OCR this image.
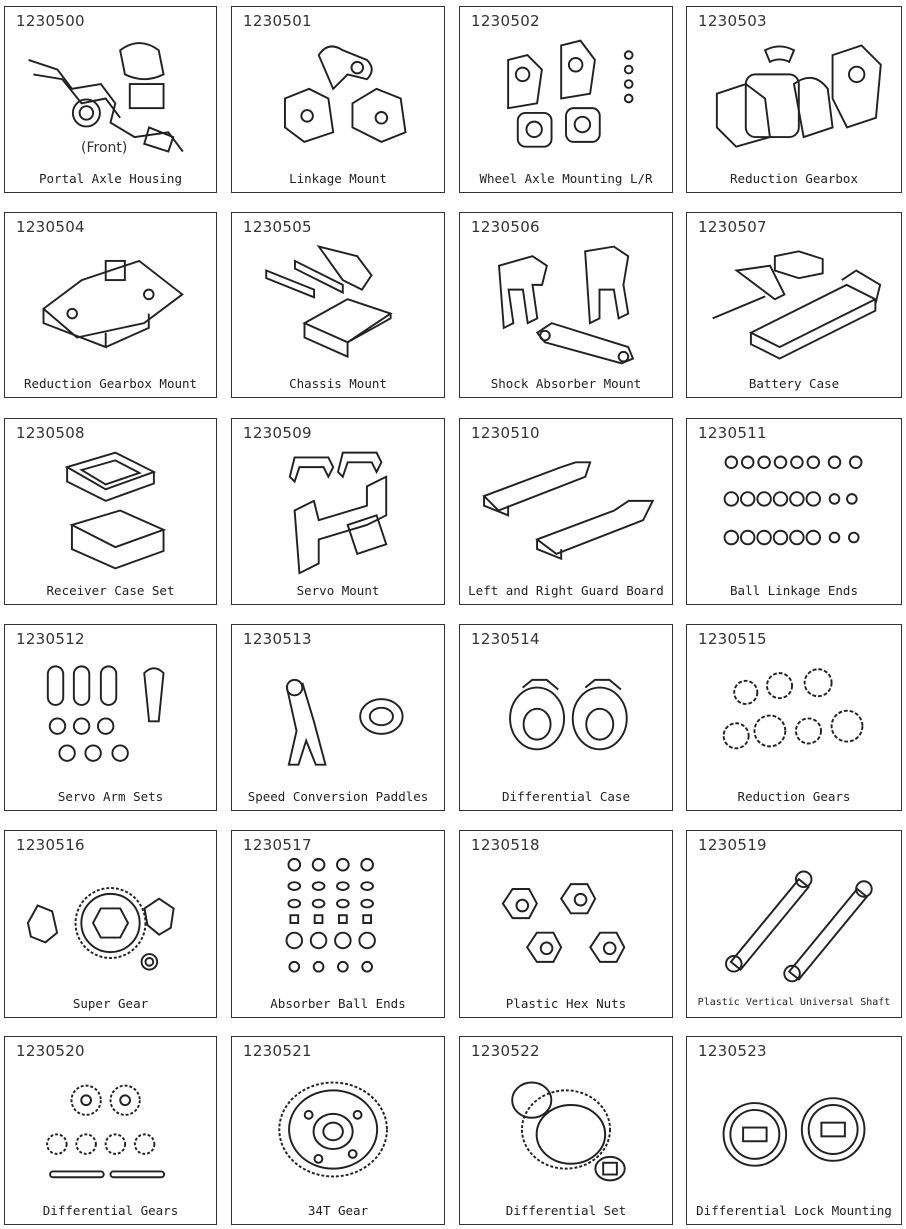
1230500
(Front)
Portal Axle Housing
1230501
Linkage Mount
1230502
Wheel Axle Mounting L/R
1230503
Reduction Gearbox
1230504
Reduction Gearbox Mount
1230505
Chassis Mount
1230506
Shock Absorber Mount
1230507
Battery Case
1230508
Receiver Case Set
1230509
Servo Mount
1230510
Left and Right Guard Board
1230511
Ball Linkage Ends
1230512
Servo Arm Sets
1230513
Speed Conversion Paddles
1230514
Differential Case
1230515
Reduction Gears
1230516
Super Gear
1230517
Absorber Ball Ends
1230518
Plastic Hex Nuts
1230519
Plastic Vertical Universal Shaft
1230520
Differential Gears
1230521
34T Gear
1230522
Differential Set
1230523
Differential Lock Mounting
